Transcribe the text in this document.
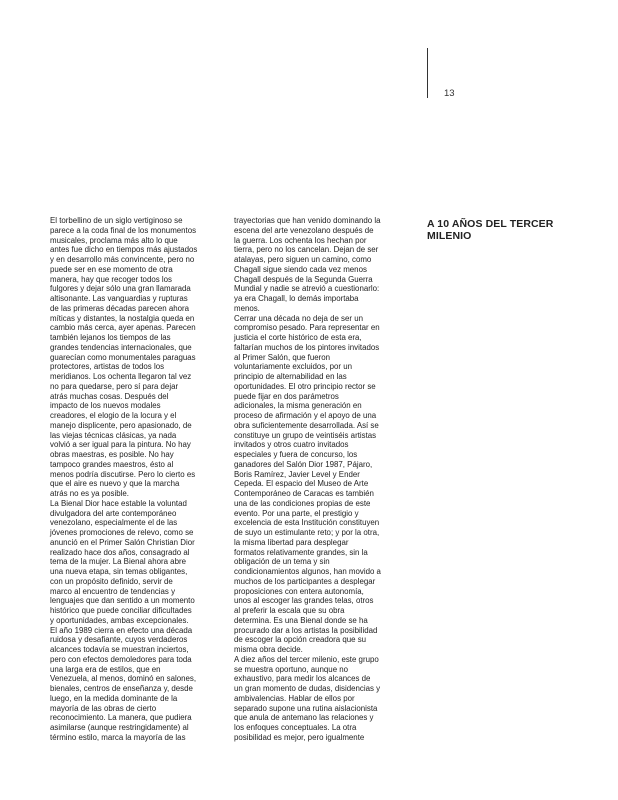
13
A 10 AÑOS DEL TERCER
MILENIO
El torbellino de un siglo vertiginoso se
parece a la coda final de los monumentos
musicales, proclama más alto lo que
antes fue dicho en tiempos más ajustados
y en desarrollo más convincente, pero no
puede ser en ese momento de otra
manera, hay que recoger todos los
fulgores y dejar sólo una gran llamarada
altisonante. Las vanguardias y rupturas
de las primeras décadas parecen ahora
míticas y distantes, la nostalgia queda en
cambio más cerca, ayer apenas. Parecen
también lejanos los tiempos de las
grandes tendencias internacionales, que
guarecían como monumentales paraguas
protectores, artistas de todos los
meridianos. Los ochenta llegaron tal vez
no para quedarse, pero sí para dejar
atrás muchas cosas. Después del
impacto de los nuevos modales
creadores, el elogio de la locura y el
manejo displicente, pero apasionado, de
las viejas técnicas clásicas, ya nada
volvió a ser igual para la pintura. No hay
obras maestras, es posible. No hay
tampoco grandes maestros, ésto al
menos podría discutirse. Pero lo cierto es
que el aire es nuevo y que la marcha
atrás no es ya posible.
La Bienal Dior hace estable la voluntad
divulgadora del arte contemporáneo
venezolano, especialmente el de las
jóvenes promociones de relevo, como se
anunció en el Primer Salón Christian Dior
realizado hace dos años, consagrado al
tema de la mujer. La Bienal ahora abre
una nueva etapa, sin temas obligantes,
con un propósito definido, servir de
marco al encuentro de tendencias y
lenguajes que dan sentido a un momento
histórico que puede conciliar dificultades
y oportunidades, ambas excepcionales.
El año 1989 cierra en efecto una década
ruidosa y desafiante, cuyos verdaderos
alcances todavía se muestran inciertos,
pero con efectos demoledores para toda
una larga era de estilos, que en
Venezuela, al menos, dominó en salones,
bienales, centros de enseñanza y, desde
luego, en la medida dominante de la
mayoría de las obras de cierto
reconocimiento. La manera, que pudiera
asimilarse (aunque restringidamente) al
término estilo, marca la mayoría de las
trayectorias que han venido dominando la
escena del arte venezolano después de
la guerra. Los ochenta los hechan por
tierra, pero no los cancelan. Dejan de ser
atalayas, pero siguen un camino, como
Chagall sigue siendo cada vez menos
Chagall después de la Segunda Guerra
Mundial y nadie se atrevió a cuestionarlo:
ya era Chagall, lo demás importaba
menos.
Cerrar una década no deja de ser un
compromiso pesado. Para representar en
justicia el corte histórico de esta era,
faltarían muchos de los pintores invitados
al Primer Salón, que fueron
voluntariamente excluidos, por un
principio de alternabilidad en las
oportunidades. El otro principio rector se
puede fijar en dos parámetros
adicionales, la misma generación en
proceso de afirmación y el apoyo de una
obra suficientemente desarrollada. Así se
constituye un grupo de veintiséis artistas
invitados y otros cuatro invitados
especiales y fuera de concurso, los
ganadores del Salón Dior 1987, Pájaro,
Boris Ramírez, Javier Level y Ender
Cepeda. El espacio del Museo de Arte
Contemporáneo de Caracas es también
una de las condiciones propias de este
evento. Por una parte, el prestigio y
excelencia de esta Institución constituyen
de suyo un estimulante reto; y por la otra,
la misma libertad para desplegar
formatos relativamente grandes, sin la
obligación de un tema y sin
condicionamientos algunos, han movido a
muchos de los participantes a desplegar
proposiciones con entera autonomía,
unos al escoger las grandes telas, otros
al preferir la escala que su obra
determina. Es una Bienal donde se ha
procurado dar a los artistas la posibilidad
de escoger la opción creadora que su
misma obra decide.
A diez años del tercer milenio, este grupo
se muestra oportuno, aunque no
exhaustivo, para medir los alcances de
un gran momento de dudas, disidencias y
ambivalencias. Hablar de ellos por
separado supone una rutina aislacionista
que anula de antemano las relaciones y
los enfoques conceptuales. La otra
posibilidad es mejor, pero igualmente
